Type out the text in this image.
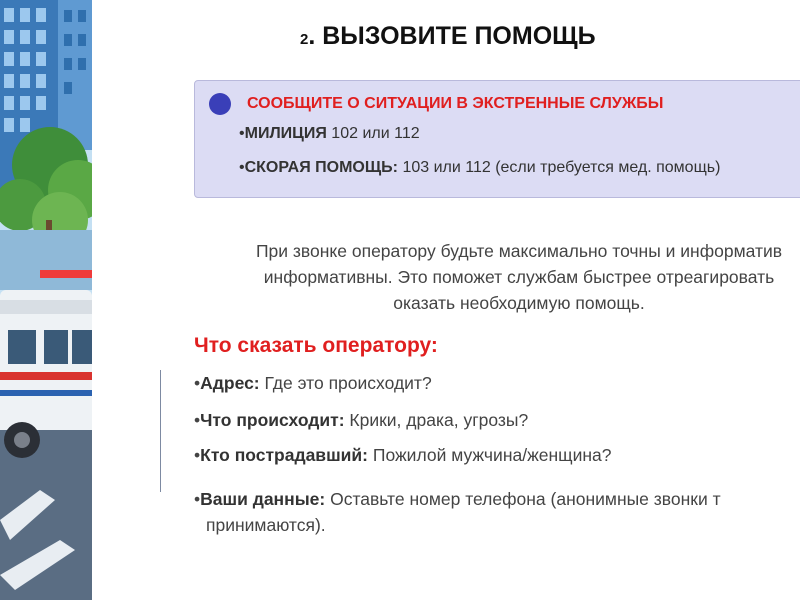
2. ВЫЗОВИТЕ ПОМОЩЬ
СООБЩИТЕ О СИТУАЦИИ В ЭКСТРЕННЫЕ СЛУЖБЫ
•МИЛИЦИЯ 102 или 112
•СКОРАЯ ПОМОЩЬ: 103 или 112 (если требуется мед. помощь)
При звонке оператору будьте максимально точны и информатив
информативны. Это поможет службам быстрее отреагировать
оказать необходимую помощь.
Что сказать оператору:
•Адрес: Где это происходит?
•Что происходит: Крики, драка, угрозы?
•Кто пострадавший: Пожилой мужчина/женщина?
•Ваши данные: Оставьте номер телефона (анонимные звонки т
принимаются).
